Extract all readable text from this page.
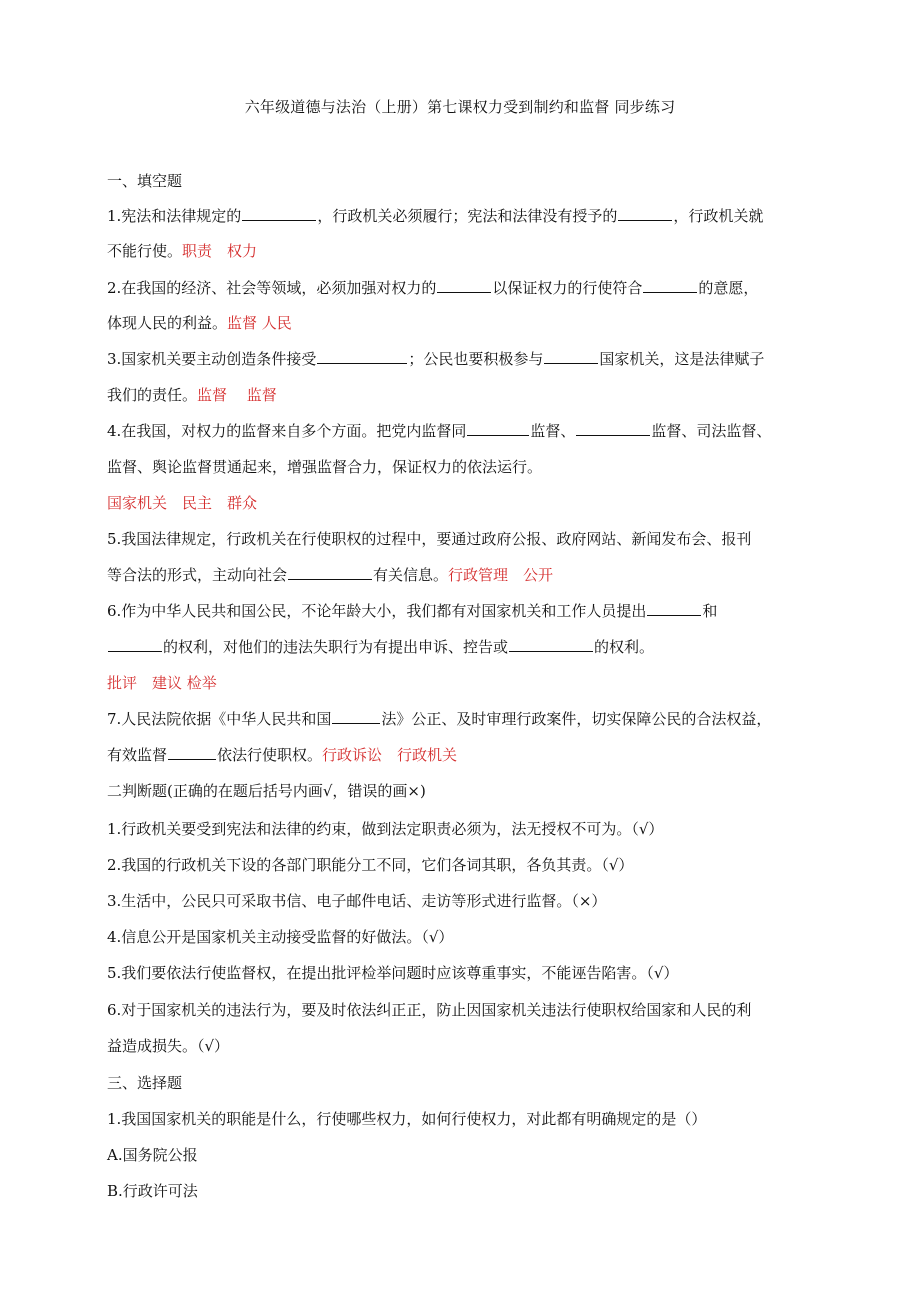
六年级道德与法治（上册）第七课权力受到制约和监督 同步练习
一、填空题
1.宪法和法律规定的	，行政机关必须履行；宪法和法律没有授予的	，行政机关就
不能行使。职责　权力
2.在我国的经济、社会等领域，必须加强对权力的	以保证权力的行使符合	的意愿，
体现人民的利益。监督 人民
3.国家机关要主动创造条件接受	；公民也要积极参与	国家机关，这是法律赋子
我们的责任。监督　 监督
4.在我国，对权力的监督来自多个方面。把党内监督同	监督、	监督、司法监督、
监督、舆论监督贯通起来，增强监督合力，保证权力的依法运行。
国家机关　民主　群众
5.我国法律规定，行政机关在行使职权的过程中，要通过政府公报、政府网站、新闻发布会、报刊
等合法的形式，主动向社会	有关信息。行政管理　公开
6.作为中华人民共和国公民，不论年龄大小，我们都有对国家机关和工作人员提出	和
的权利，对他们的违法失职行为有提出申诉、控告或	的权利。
批评　建议 检举
7.人民法院依据《中华人民共和国	法》公正、及时审理行政案件，切实保障公民的合法权益，
有效监督	依法行使职权。行政诉讼　行政机关
二判断题(正确的在题后括号内画√，错误的画×)
1.行政机关要受到宪法和法律的约束，做到法定职责必须为，法无授权不可为。（√）
2.我国的行政机关下设的各部门职能分工不同，它们各词其职，各负其责。（√）
3.生活中，公民只可采取书信、电子邮件电话、走访等形式进行监督。（×）
4.信息公开是国家机关主动接受监督的好做法。（√）
5.我们要依法行使监督权，在提出批评检举问题时应该尊重事实，不能诬告陷害。（√）
6.对于国家机关的违法行为，要及时依法纠正正，防止因国家机关违法行使职权给国家和人民的利
益造成损失。（√）
三、选择题
1.我国国家机关的职能是什么，行使哪些权力，如何行使权力，对此都有明确规定的是（）
A.国务院公报
B.行政许可法
